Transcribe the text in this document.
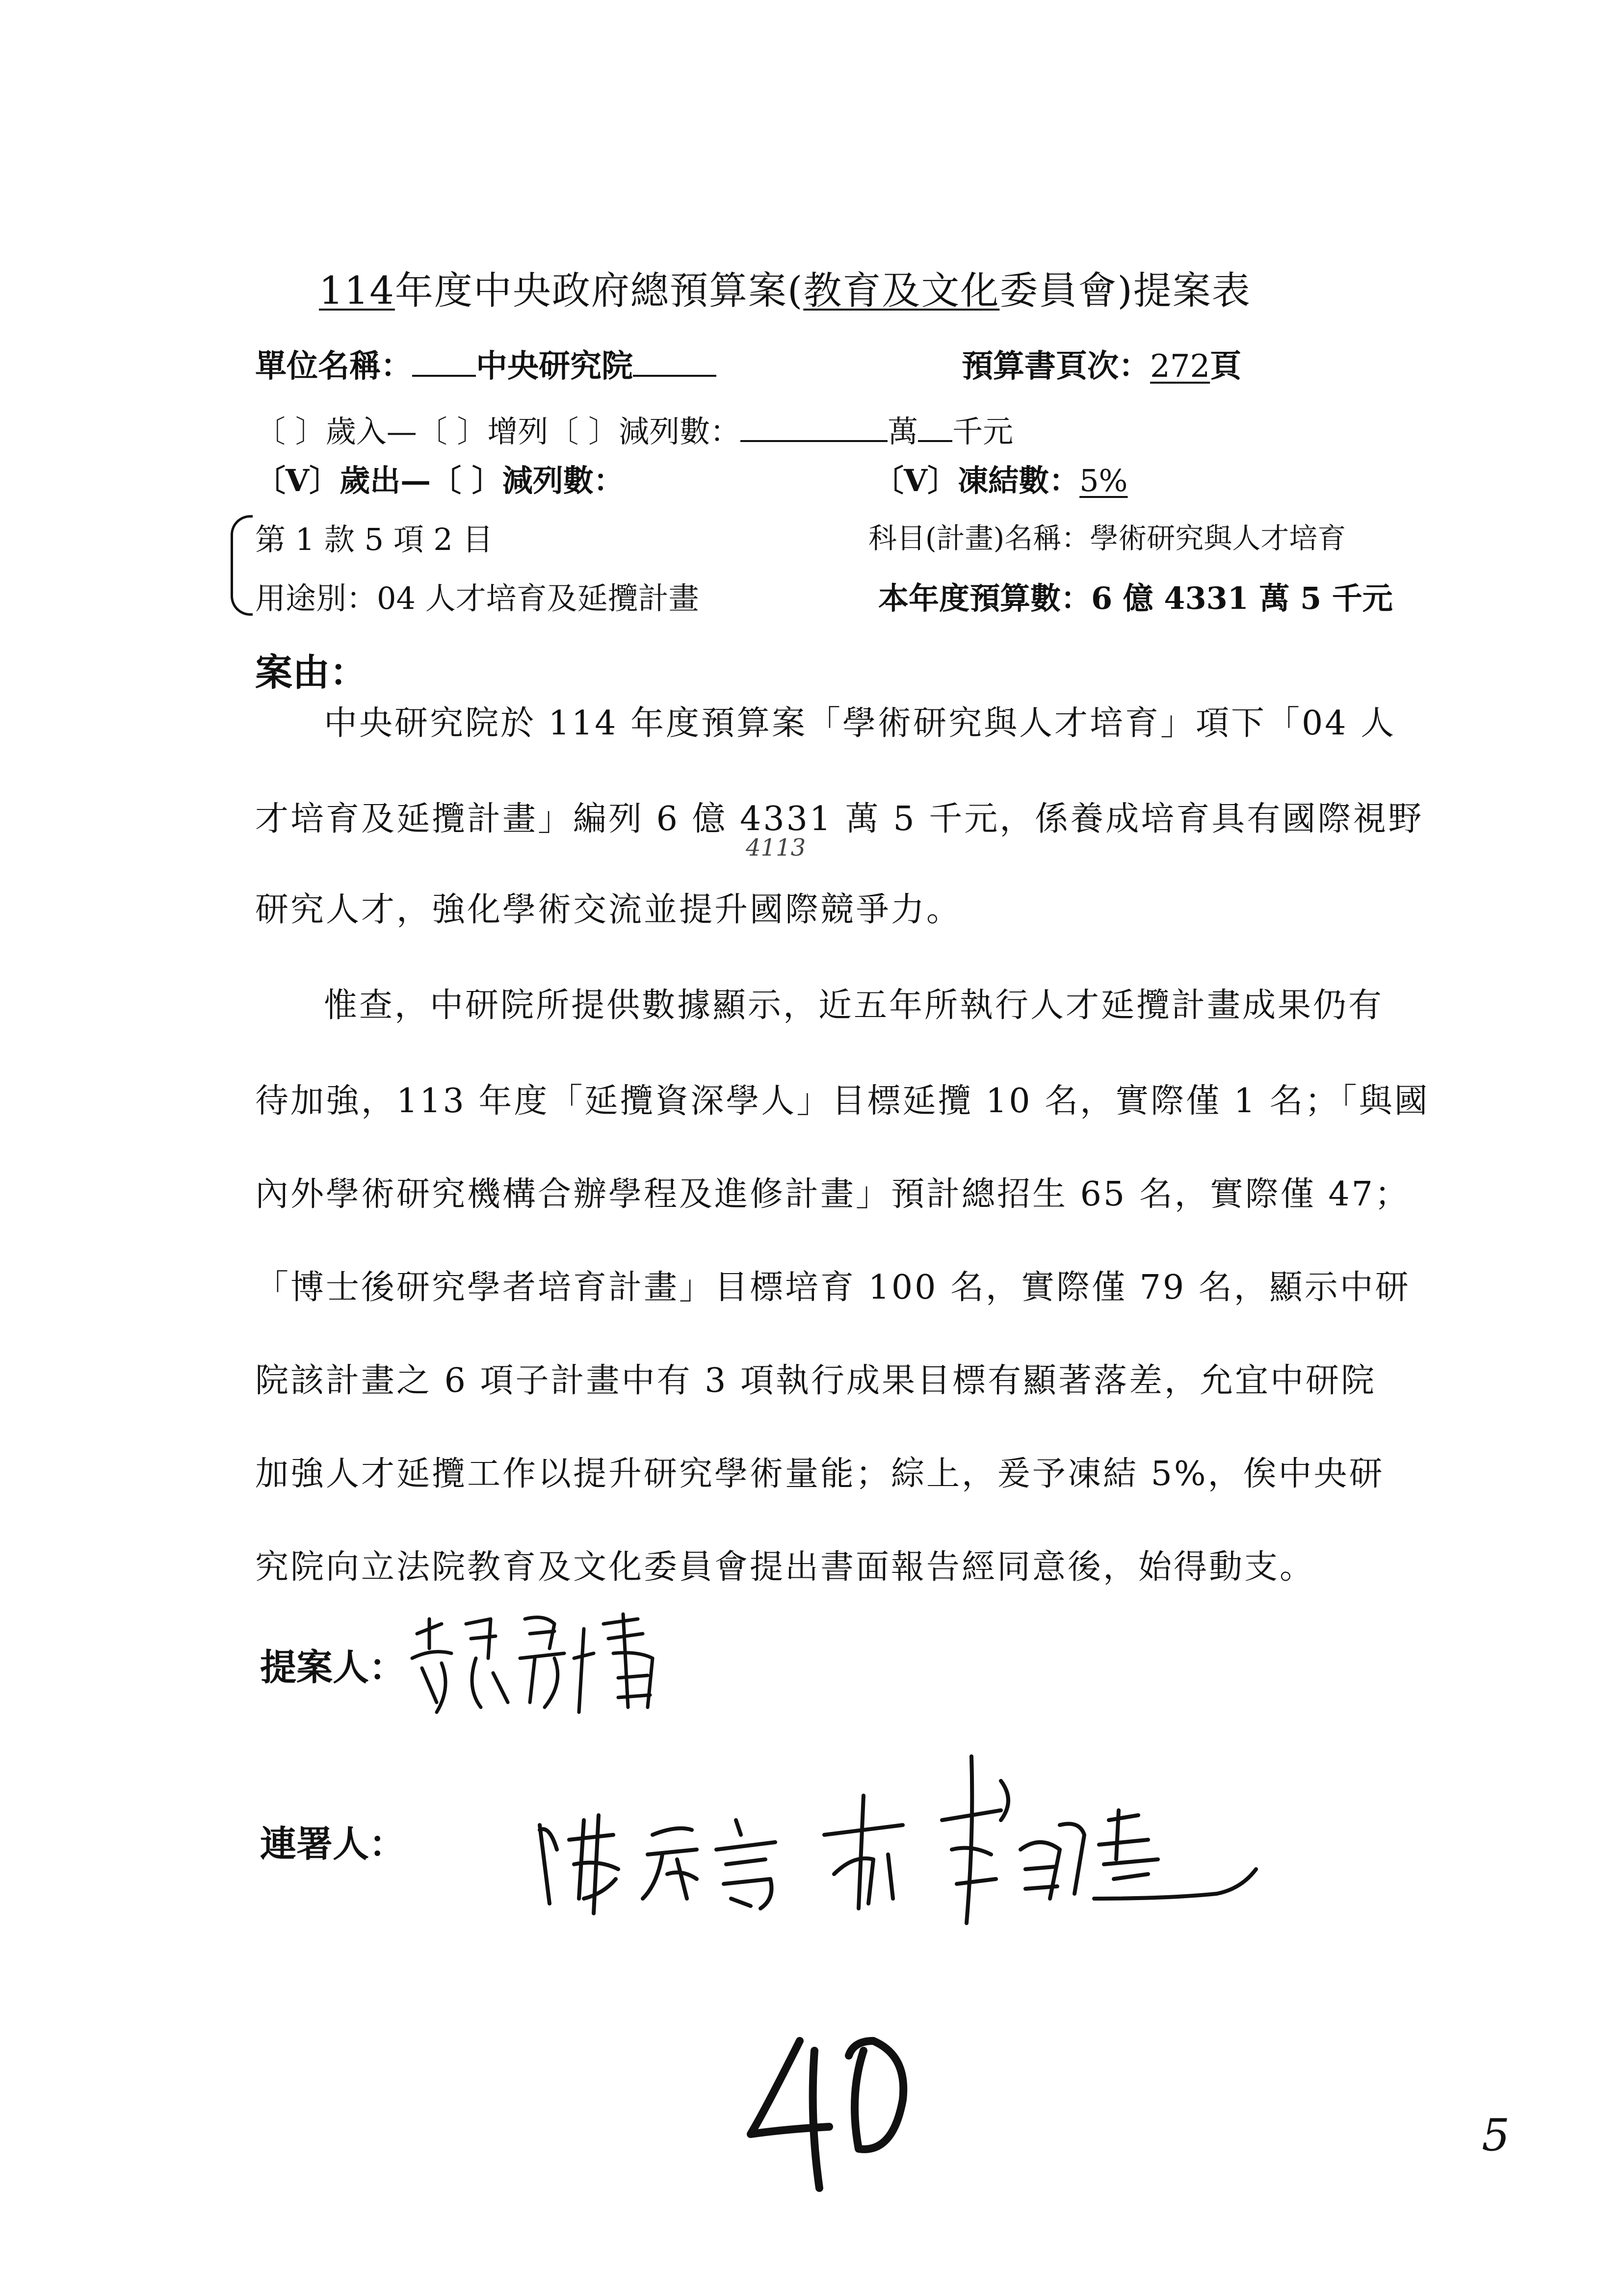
114年度中央政府總預算案(教育及文化委員會)提案表
單位名稱： 中央研究院	預算書頁次：272頁
〔 〕歲入—〔 〕增列〔 〕減列數：	萬 千元
〔V〕歲出—〔 〕減列數：	〔V〕凍結數：5%
第 1 款 5 項 2 目	科目(計畫)名稱：學術研究與人才培育
用途別：04 人才培育及延攬計畫	本年度預算數：6 億 4331 萬 5 千元
案由：
中央研究院於 114 年度預算案「學術研究與人才培育」項下「04 人
才培育及延攬計畫」編列 6 億 4331 萬 5 千元，係養成培育具有國際視野
4113
研究人才，強化學術交流並提升國際競爭力。
惟查，中研院所提供數據顯示，近五年所執行人才延攬計畫成果仍有
待加強，113 年度「延攬資深學人」目標延攬 10 名，實際僅 1 名；「與國
內外學術研究機構合辦學程及進修計畫」預計總招生 65 名，實際僅 47；
「博士後研究學者培育計畫」目標培育 100 名，實際僅 79 名，顯示中研
院該計畫之 6 項子計畫中有 3 項執行成果目標有顯著落差，允宜中研院
加強人才延攬工作以提升研究學術量能；綜上，爰予凍結 5%，俟中央研
究院向立法院教育及文化委員會提出書面報告經同意後，始得動支。
提案人：
連署人：
5
